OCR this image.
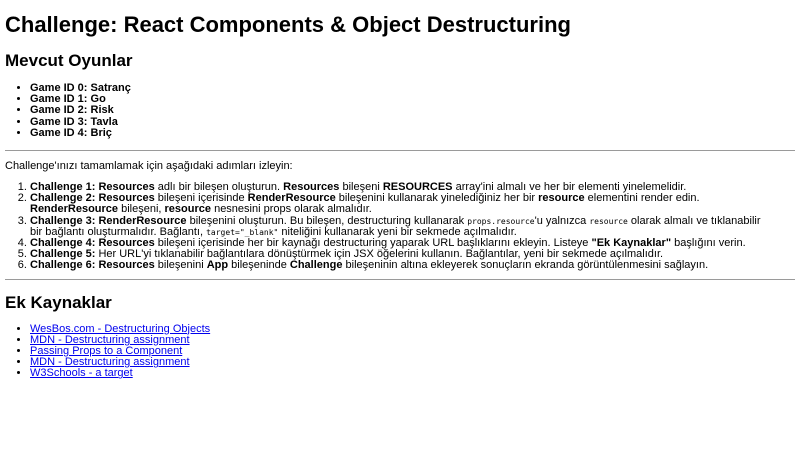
Challenge: React Components & Object Destructuring
Mevcut Oyunlar
• Game ID 0: Satranç
• Game ID 1: Go
• Game ID 2: Risk
• Game ID 3: Tavla
• Game ID 4: Briç

Challenge'ınızı tamamlamak için aşağıdaki adımları izleyin:

1. Challenge 1: Resources adlı bir bileşen oluşturun. Resources bileşeni RESOURCES array'ini almalı ve her bir elementi yinelemelidir.
2. Challenge 2: Resources bileşeni içerisinde RenderResource bileşenini kullanarak yinelediğiniz her bir resource elementini render edin. RenderResource bileşeni, resource nesnesini props olarak almalıdır.
3. Challenge 3: RenderResource bileşenini oluşturun. Bu bileşen, destructuring kullanarak props.resource'u yalnızca resource olarak almalı ve tıklanabilir bir bağlantı oluşturmalıdır. Bağlantı, target="_blank" niteliğini kullanarak yeni bir sekmede açılmalıdır.
4. Challenge 4: Resources bileşeni içerisinde her bir kaynağı destructuring yaparak URL başlıklarını ekleyin. Listeye "Ek Kaynaklar" başlığını verin.
5. Challenge 5: Her URL'yi tıklanabilir bağlantılara dönüştürmek için JSX öğelerini kullanın. Bağlantılar, yeni bir sekmede açılmalıdır.
6. Challenge 6: Resources bileşenini App bileşeninde Challenge bileşeninin altına ekleyerek sonuçların ekranda görüntülenmesini sağlayın.
Ek Kaynaklar
• WesBos.com - Destructuring Objects
• MDN - Destructuring assignment
• Passing Props to a Component
• MDN - Destructuring assignment
• W3Schools - a target
